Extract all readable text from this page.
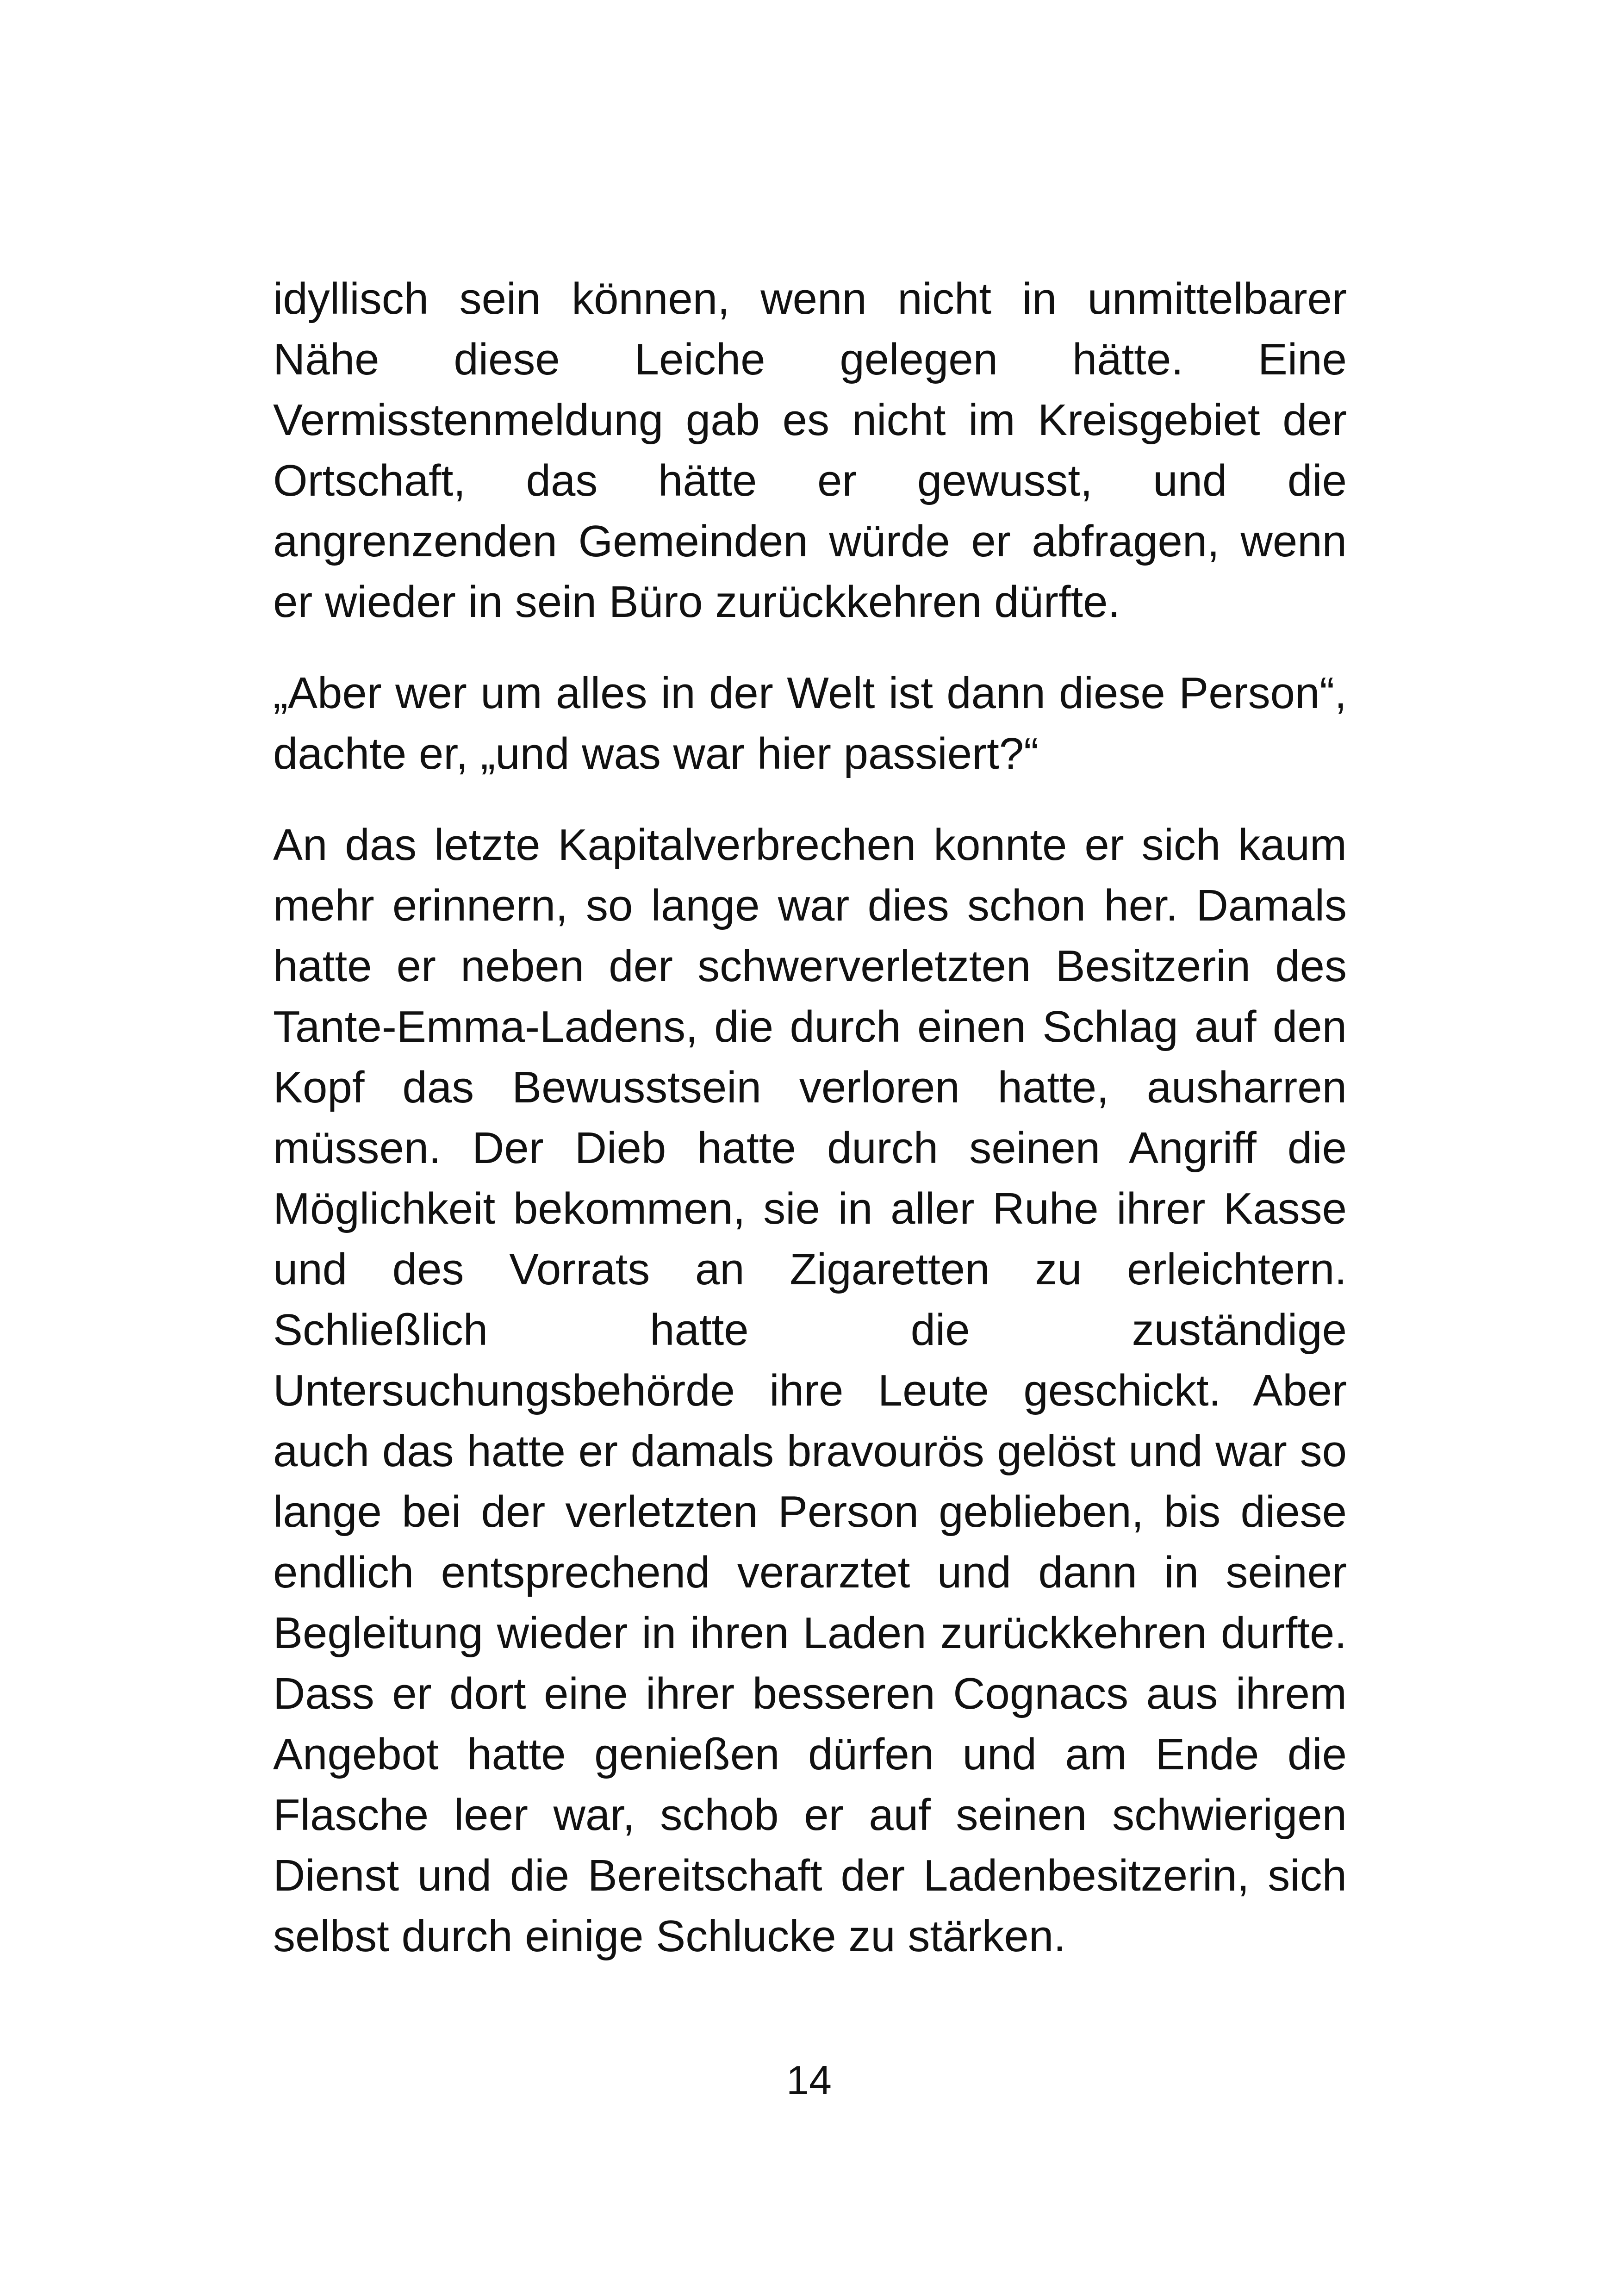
idyllisch sein können, wenn nicht in unmittelbarer Nähe diese Leiche gelegen hätte. Eine Vermisstenmeldung gab es nicht im Kreisgebiet der Ortschaft, das hätte er gewusst, und die angrenzenden Gemeinden würde er abfragen, wenn er wieder in sein Büro zurückkehren dürfte.

„Aber wer um alles in der Welt ist dann diese Person“, dachte er, „und was war hier passiert?“

An das letzte Kapitalverbrechen konnte er sich kaum mehr erinnern, so lange war dies schon her. Damals hatte er neben der schwerverletzten Besitzerin des Tante-Emma-Ladens, die durch einen Schlag auf den Kopf das Bewusstsein verloren hatte, ausharren müssen. Der Dieb hatte durch seinen Angriff die Möglichkeit bekommen, sie in aller Ruhe ihrer Kasse und des Vorrats an Zigaretten zu erleichtern. Schließlich hatte die zuständige Untersuchungsbehörde ihre Leute geschickt. Aber auch das hatte er damals bravourös gelöst und war so lange bei der verletzten Person geblieben, bis diese endlich entsprechend verarztet und dann in seiner Begleitung wieder in ihren Laden zurückkehren durfte. Dass er dort eine ihrer besseren Cognacs aus ihrem Angebot hatte genießen dürfen und am Ende die Flasche leer war, schob er auf seinen schwierigen Dienst und die Bereitschaft der Ladenbesitzerin, sich selbst durch einige Schlucke zu stärken.

14
